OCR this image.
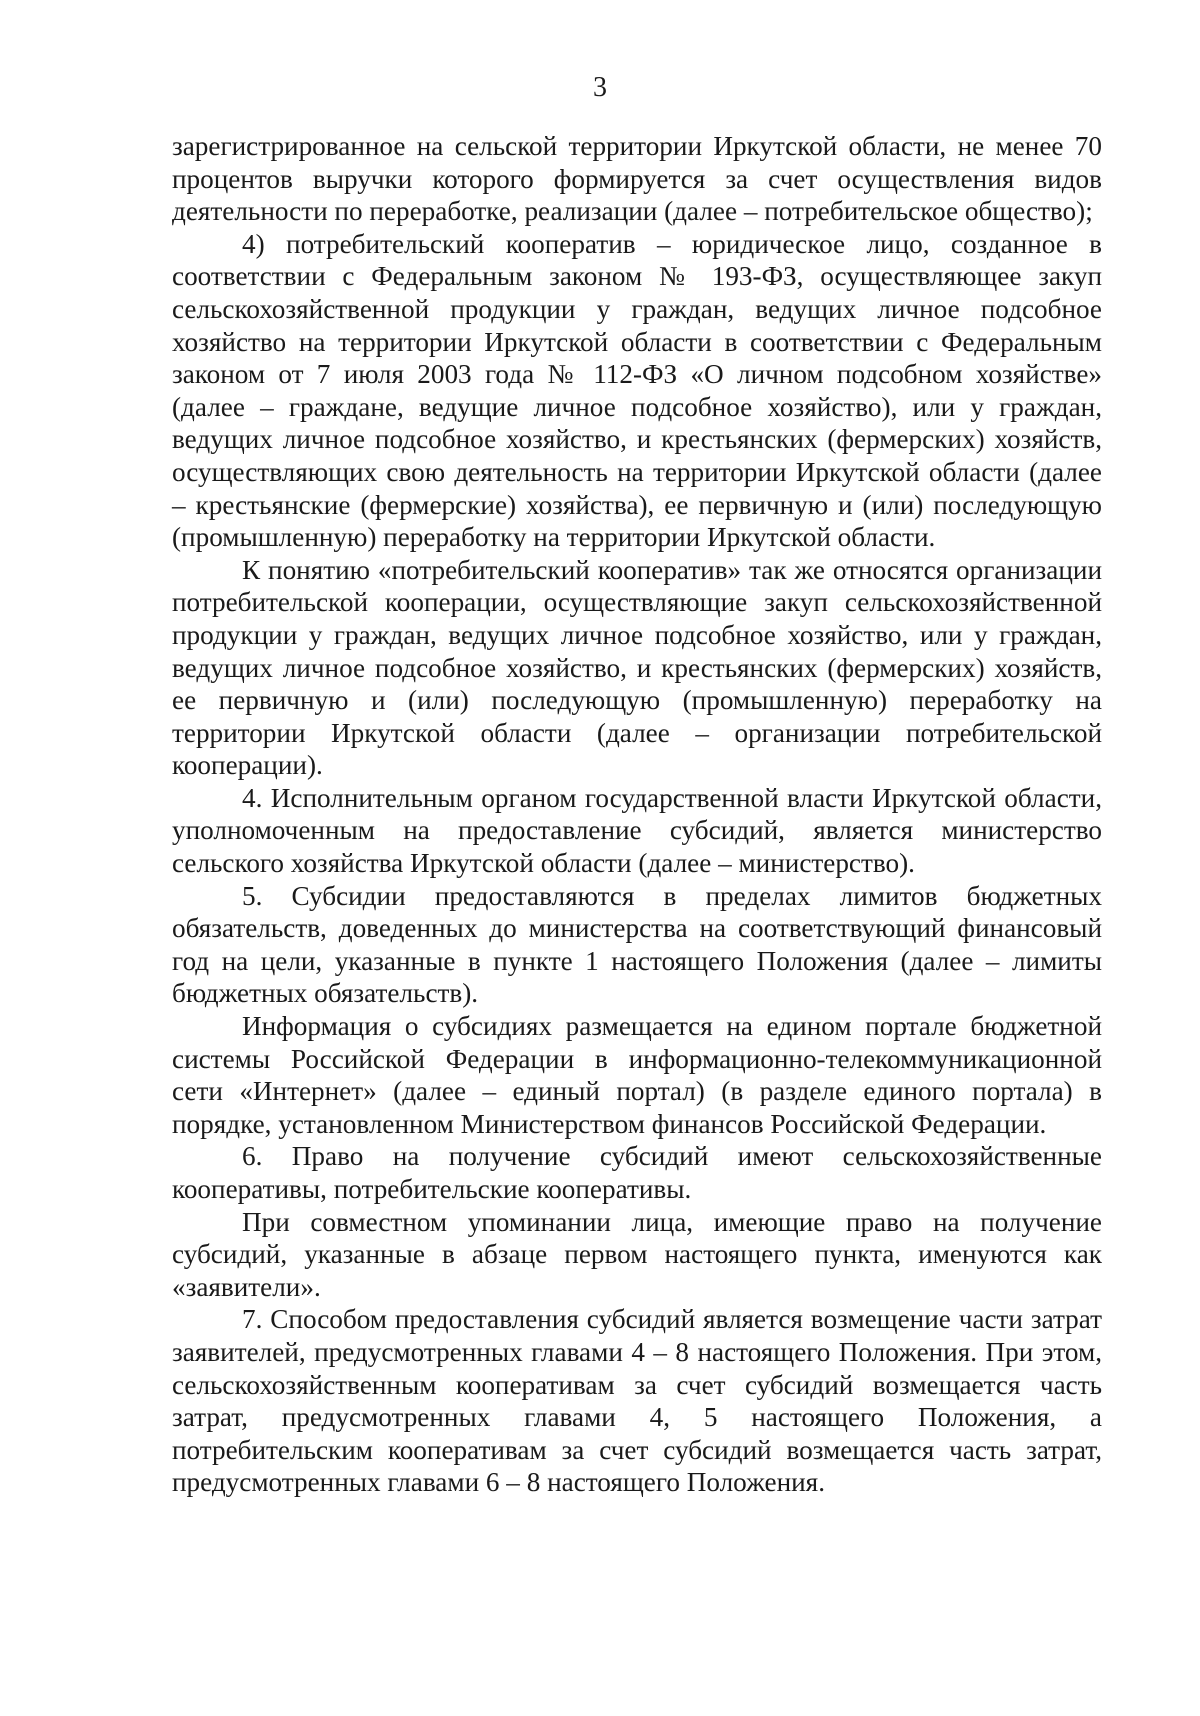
3

зарегистрированное на сельской территории Иркутской области, не менее 70 процентов выручки которого формируется за счет осуществления видов деятельности по переработке, реализации (далее – потребительское общество);

4) потребительский кооператив – юридическое лицо, созданное в соответствии с Федеральным законом № 193-ФЗ, осуществляющее закуп сельскохозяйственной продукции у граждан, ведущих личное подсобное хозяйство на территории Иркутской области в соответствии с Федеральным законом от 7 июля 2003 года № 112-ФЗ «О личном подсобном хозяйстве» (далее – граждане, ведущие личное подсобное хозяйство), или у граждан, ведущих личное подсобное хозяйство, и крестьянских (фермерских) хозяйств, осуществляющих свою деятельность на территории Иркутской области (далее – крестьянские (фермерские) хозяйства), ее первичную и (или) последующую (промышленную) переработку на территории Иркутской области.

К понятию «потребительский кооператив» так же относятся организации потребительской кооперации, осуществляющие закуп сельскохозяйственной продукции у граждан, ведущих личное подсобное хозяйство, или у граждан, ведущих личное подсобное хозяйство, и крестьянских (фермерских) хозяйств, ее первичную и (или) последующую (промышленную) переработку на территории Иркутской области (далее – организации потребительской кооперации).

4. Исполнительным органом государственной власти Иркутской области, уполномоченным на предоставление субсидий, является министерство сельского хозяйства Иркутской области (далее – министерство).

5. Субсидии предоставляются в пределах лимитов бюджетных обязательств, доведенных до министерства на соответствующий финансовый год на цели, указанные в пункте 1 настоящего Положения (далее – лимиты бюджетных обязательств).

Информация о субсидиях размещается на едином портале бюджетной системы Российской Федерации в информационно-телекоммуникационной сети «Интернет» (далее – единый портал) (в разделе единого портала) в порядке, установленном Министерством финансов Российской Федерации.

6. Право на получение субсидий имеют сельскохозяйственные кооперативы, потребительские кооперативы.

При совместном упоминании лица, имеющие право на получение субсидий, указанные в абзаце первом настоящего пункта, именуются как «заявители».

7. Способом предоставления субсидий является возмещение части затрат заявителей, предусмотренных главами 4 – 8 настоящего Положения. При этом, сельскохозяйственным кооперативам за счет субсидий возмещается часть затрат, предусмотренных главами 4, 5 настоящего Положения, а потребительским кооперативам за счет субсидий возмещается часть затрат, предусмотренных главами 6 – 8 настоящего Положения.
